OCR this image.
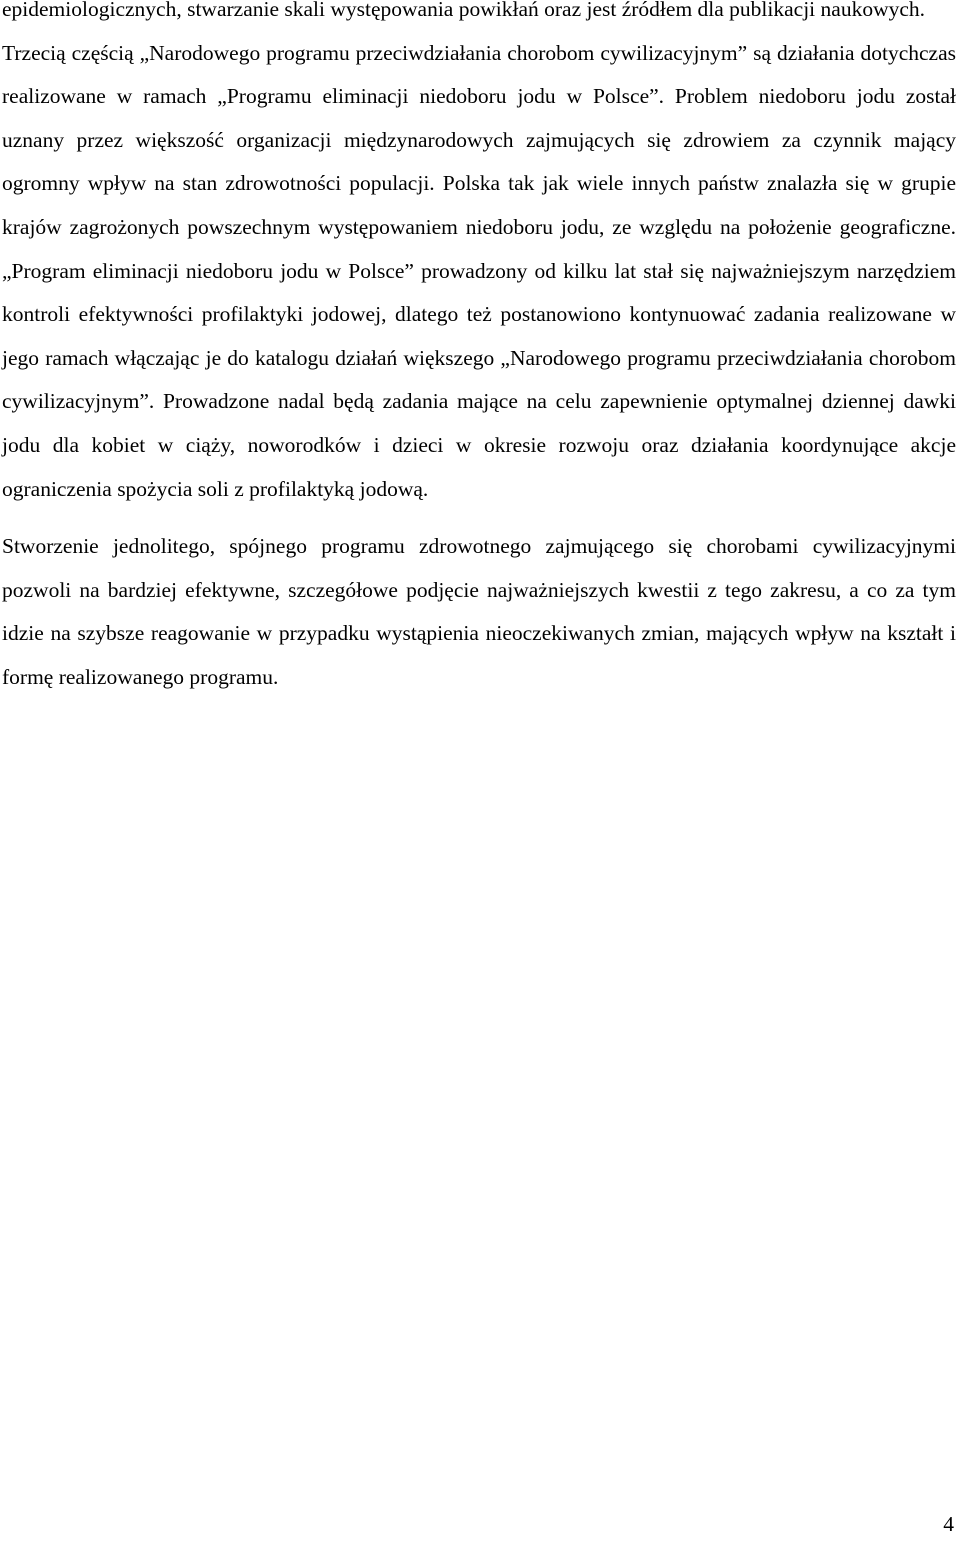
epidemiologicznych, stwarzanie skali występowania powikłań oraz jest źródłem dla publikacji naukowych.

Trzecią częścią „Narodowego programu przeciwdziałania chorobom cywilizacyjnym” są działania dotychczas realizowane w ramach „Programu eliminacji niedoboru jodu w Polsce”. Problem niedoboru jodu został uznany przez większość organizacji międzynarodowych zajmujących się zdrowiem za czynnik mający ogromny wpływ na stan zdrowotności populacji. Polska tak jak wiele innych państw znalazła się w grupie krajów zagrożonych powszechnym występowaniem niedoboru jodu, ze względu na położenie geograficzne. „Program eliminacji niedoboru jodu w Polsce” prowadzony od kilku lat stał się najważniejszym narzędziem kontroli efektywności profilaktyki jodowej, dlatego też postanowiono kontynuować zadania realizowane w jego ramach włączając je do katalogu działań większego „Narodowego programu przeciwdziałania chorobom cywilizacyjnym”. Prowadzone nadal będą zadania mające na celu zapewnienie optymalnej dziennej dawki jodu dla kobiet w ciąży, noworodków i dzieci w okresie rozwoju oraz działania koordynujące akcje ograniczenia spożycia soli z profilaktyką jodową.

Stworzenie jednolitego, spójnego programu zdrowotnego zajmującego się chorobami cywilizacyjnymi pozwoli na bardziej efektywne, szczegółowe podjęcie najważniejszych kwestii z tego zakresu, a co za tym idzie na szybsze reagowanie w przypadku wystąpienia nieoczekiwanych zmian, mających wpływ na kształt i formę realizowanego programu.

4
